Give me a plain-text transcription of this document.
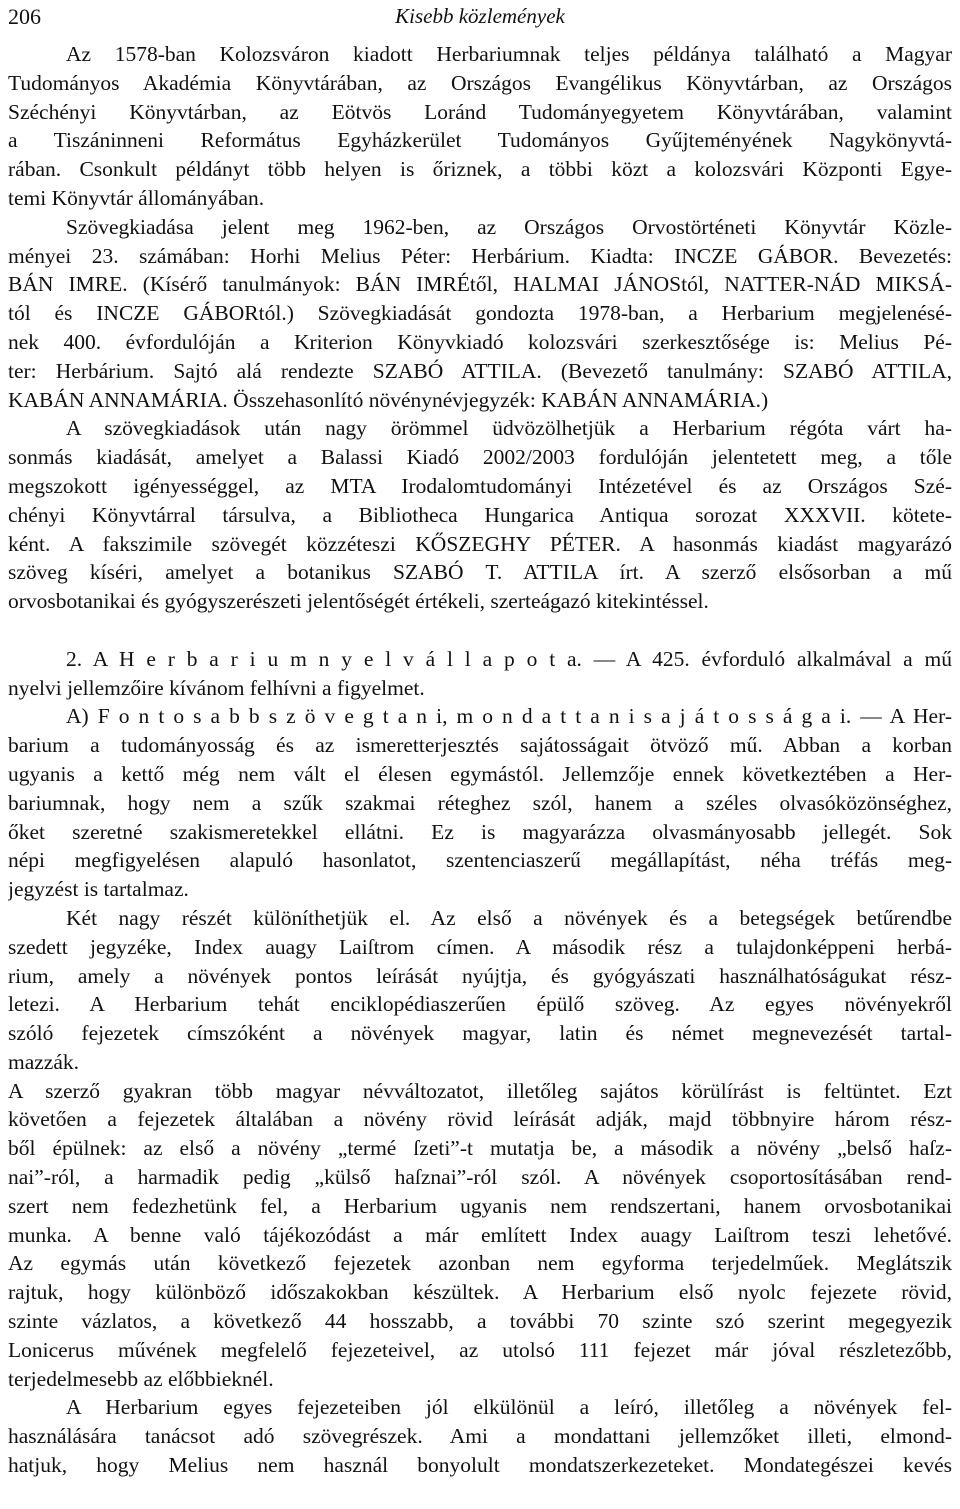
206	Kisebb közlemények
Az 1578-ban Kolozsváron kiadott Herbariumnak teljes példánya található a Magyar
Tudományos Akadémia Könyvtárában, az Országos Evangélikus Könyvtárban, az Országos
Széchényi Könyvtárban, az Eötvös Loránd Tudományegyetem Könyvtárában, valamint
a Tiszáninneni Református Egyházkerület Tudományos Gyűjteményének Nagykönyvtá-
rában. Csonkult példányt több helyen is őriznek, a többi közt a kolozsvári Központi Egye-
temi Könyvtár állományában.
Szövegkiadása jelent meg 1962-ben, az Országos Orvostörténeti Könyvtár Közle-
ményei 23. számában: Horhi Melius Péter: Herbárium. Kiadta: INCZE GÁBOR. Bevezetés:
BÁN IMRE. (Kísérő tanulmányok: BÁN IMRÉtől, HALMAI JÁNOStól, NATTER-NÁD MIKSÁ-
tól és INCZE GÁBORtól.) Szövegkiadását gondozta 1978-ban, a Herbarium megjelenésé-
nek 400. évfordulóján a Kriterion Könyvkiadó kolozsvári szerkesztősége is: Melius Pé-
ter: Herbárium. Sajtó alá rendezte SZABÓ ATTILA. (Bevezető tanulmány: SZABÓ ATTILA,
KABÁN ANNAMÁRIA. Összehasonlító növénynévjegyzék: KABÁN ANNAMÁRIA.)
A szövegkiadások után nagy örömmel üdvözölhetjük a Herbarium régóta várt ha-
sonmás kiadását, amelyet a Balassi Kiadó 2002/2003 fordulóján jelentetett meg, a tőle
megszokott igényességgel, az MTA Irodalomtudományi Intézetével és az Országos Szé-
chényi Könyvtárral társulva, a Bibliotheca Hungarica Antiqua sorozat XXXVII. kötete-
ként. A fakszimile szövegét közzéteszi KŐSZEGHY PÉTER. A hasonmás kiadást magyarázó
szöveg kíséri, amelyet a botanikus SZABÓ T. ATTILA írt. A szerző elsősorban a mű
orvosbotanikai és gyógyszerészeti jelentőségét értékeli, szerteágazó kitekintéssel.
2. A H e r b a r i u m n y e l v á l l a p o t a. — A 425. évforduló alkalmával a mű
nyelvi jellemzőire kívánom felhívni a figyelmet.
A) F o n t o s a b b s z ö v e g t a n i, m o n d a t t a n i s a j á t o s s á g a i. — A Her-
barium a tudományosság és az ismeretterjesztés sajátosságait ötvöző mű. Abban a korban
ugyanis a kettő még nem vált el élesen egymástól. Jellemzője ennek következtében a Her-
bariumnak, hogy nem a szűk szakmai réteghez szól, hanem a széles olvasóközönséghez,
őket szeretné szakismeretekkel ellátni. Ez is magyarázza olvasmányosabb jellegét. Sok
népi megfigyelésen alapuló hasonlatot, szentenciaszerű megállapítást, néha tréfás meg-
jegyzést is tartalmaz.
Két nagy részét különíthetjük el. Az első a növények és a betegségek betűrendbe
szedett jegyzéke, Index auagy Laiſtrom címen. A második rész a tulajdonképpeni herbá-
rium, amely a növények pontos leírását nyújtja, és gyógyászati használhatóságukat rész-
letezi. A Herbarium tehát enciklopédiaszerűen épülő szöveg. Az egyes növényekről
szóló fejezetek címszóként a növények magyar, latin és német megnevezését tartal-
mazzák.
A szerző gyakran több magyar névváltozatot, illetőleg sajátos körülírást is feltüntet. Ezt
követően a fejezetek általában a növény rövid leírását adják, majd többnyire három rész-
ből épülnek: az első a növény „termé ſzeti”-t mutatja be, a második a növény „belső haſz-
nai”-ról, a harmadik pedig „külső haſznai”-ról szól. A növények csoportosításában rend-
szert nem fedezhetünk fel, a Herbarium ugyanis nem rendszertani, hanem orvosbotanikai
munka. A benne való tájékozódást a már említett Index auagy Laiſtrom teszi lehetővé.
Az egymás után következő fejezetek azonban nem egyforma terjedelműek. Meglátszik
rajtuk, hogy különböző időszakokban készültek. A Herbarium első nyolc fejezete rövid,
szinte vázlatos, a következő 44 hosszabb, a további 70 szinte szó szerint megegyezik
Lonicerus művének megfelelő fejezeteivel, az utolsó 111 fejezet már jóval részletezőbb,
terjedelmesebb az előbbieknél.
A Herbarium egyes fejezeteiben jól elkülönül a leíró, illetőleg a növények fel-
használására tanácsot adó szövegrészek. Ami a mondattani jellemzőket illeti, elmond-
hatjuk, hogy Melius nem használ bonyolult mondatszerkezeteket. Mondategészei kevés
